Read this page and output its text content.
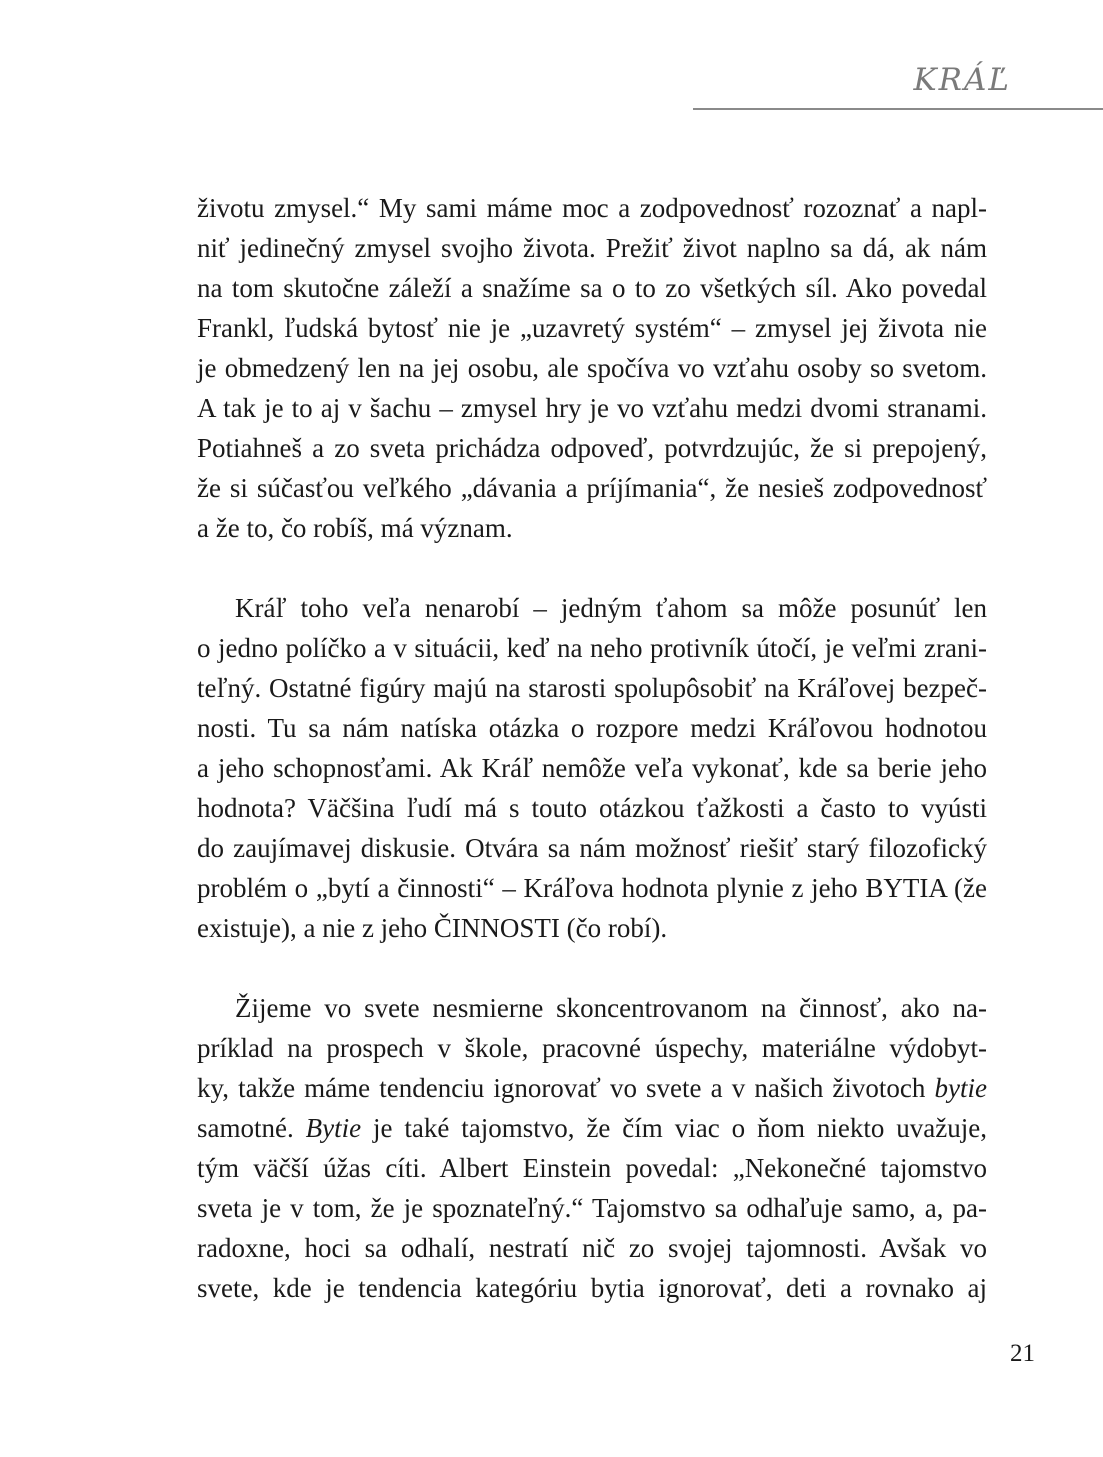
KRÁĽ
životu zmysel.“ My sami máme moc a zodpovednosť rozoznať a napl-
niť jedinečný zmysel svojho života. Prežiť život naplno sa dá, ak nám
na tom skutočne záleží a snažíme sa o to zo všetkých síl. Ako povedal
Frankl, ľudská bytosť nie je „uzavretý systém“ – zmysel jej života nie
je obmedzený len na jej osobu, ale spočíva vo vzťahu osoby so svetom.
A tak je to aj v šachu – zmysel hry je vo vzťahu medzi dvomi stranami.
Potiahneš a zo sveta prichádza odpoveď, potvrdzujúc, že si prepojený,
že si súčasťou veľkého „dávania a príjímania“, že nesieš zodpovednosť
a že to, čo robíš, má význam.
Kráľ toho veľa nenarobí – jedným ťahom sa môže posunúť len
o jedno políčko a v situácii, keď na neho protivník útočí, je veľmi zrani-
teľný. Ostatné figúry majú na starosti spolupôsobiť na Kráľovej bezpeč-
nosti. Tu sa nám natíska otázka o rozpore medzi Kráľovou hodnotou
a jeho schopnosťami. Ak Kráľ nemôže veľa vykonať, kde sa berie jeho
hodnota? Väčšina ľudí má s touto otázkou ťažkosti a často to vyústi
do zaujímavej diskusie. Otvára sa nám možnosť riešiť starý filozofický
problém o „bytí a činnosti“ – Kráľova hodnota plynie z jeho BYTIA (že
existuje), a nie z jeho ČINNOSTI (čo robí).
Žijeme vo svete nesmierne skoncentrovanom na činnosť, ako na-
príklad na prospech v škole, pracovné úspechy, materiálne výdobyt-
ky, takže máme tendenciu ignorovať vo svete a v našich životoch bytie
samotné. Bytie je také tajomstvo, že čím viac o ňom niekto uvažuje,
tým väčší úžas cíti. Albert Einstein povedal: „Nekonečné tajomstvo
sveta je v tom, že je spoznateľný.“ Tajomstvo sa odhaľuje samo, a, pa-
radoxne, hoci sa odhalí, nestratí nič zo svojej tajomnosti. Avšak vo
svete, kde je tendencia kategóriu bytia ignorovať, deti a rovnako aj
21
